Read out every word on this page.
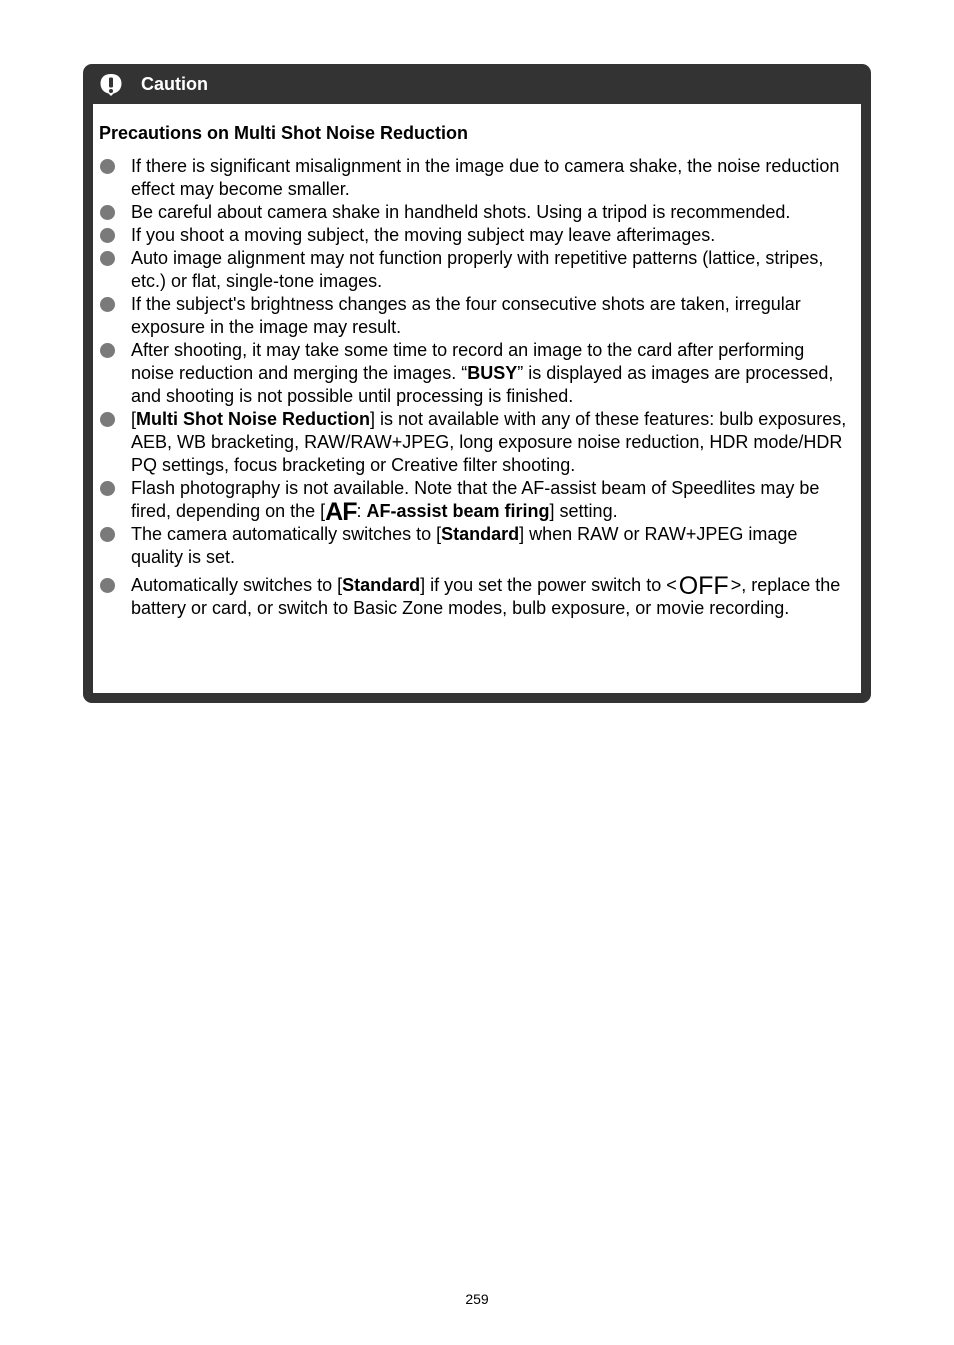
Caution

Precautions on Multi Shot Noise Reduction

If there is significant misalignment in the image due to camera shake, the noise reduction effect may become smaller.
Be careful about camera shake in handheld shots. Using a tripod is recommended.
If you shoot a moving subject, the moving subject may leave afterimages.
Auto image alignment may not function properly with repetitive patterns (lattice, stripes, etc.) or flat, single-tone images.
If the subject's brightness changes as the four consecutive shots are taken, irregular exposure in the image may result.
After shooting, it may take some time to record an image to the card after performing noise reduction and merging the images. “BUSY” is displayed as images are processed, and shooting is not possible until processing is finished.
[Multi Shot Noise Reduction] is not available with any of these features: bulb exposures, AEB, WB bracketing, RAW/RAW+JPEG, long exposure noise reduction, HDR mode/HDR PQ settings, focus bracketing or Creative filter shooting.
Flash photography is not available. Note that the AF-assist beam of Speedlites may be fired, depending on the [AF: AF-assist beam firing] setting.
The camera automatically switches to [Standard] when RAW or RAW+JPEG image quality is set.
Automatically switches to [Standard] if you set the power switch to <OFF >, replace the battery or card, or switch to Basic Zone modes, bulb exposure, or movie recording.
259
